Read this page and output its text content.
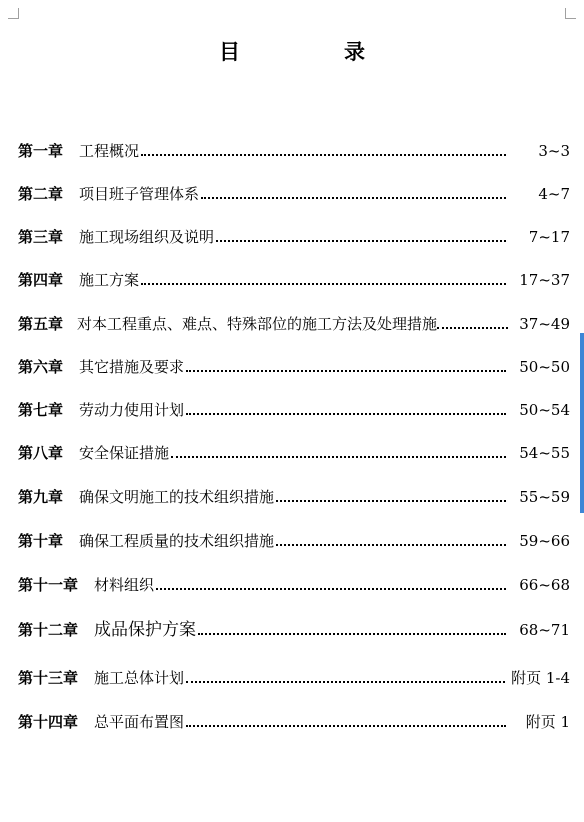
目	录
第一章 工程概况	3~3
第二章 项目班子管理体系	4~7
第三章 施工现场组织及说明	7~17
第四章 施工方案	17~37
第五章 对本工程重点、难点、特殊部位的施工方法及处理措施	37~49
第六章 其它措施及要求	50~50
第七章 劳动力使用计划	50~54
第八章 安全保证措施	54~55
第九章 确保文明施工的技术组织措施	55~59
第十章 确保工程质量的技术组织措施	59~66
第十一章 材料组织	66~68
第十二章 成品保护方案	68~71
第十三章 施工总体计划	附页 1-4
第十四章 总平面布置图	附页 1
